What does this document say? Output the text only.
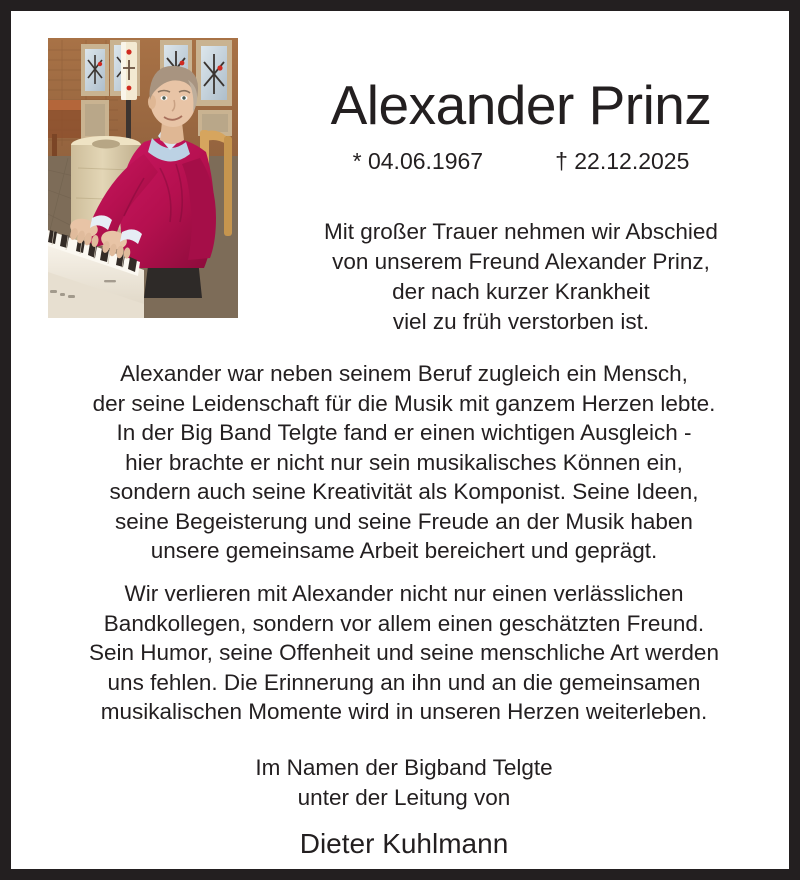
Alexander Prinz
* 04.06.1967	† 22.12.2025
Mit großer Trauer nehmen wir Abschied
von unserem Freund Alexander Prinz,
der nach kurzer Krankheit
viel zu früh verstorben ist.
Alexander war neben seinem Beruf zugleich ein Mensch,
der seine Leidenschaft für die Musik mit ganzem Herzen lebte.
In der Big Band Telgte fand er einen wichtigen Ausgleich -
hier brachte er nicht nur sein musikalisches Können ein,
sondern auch seine Kreativität als Komponist. Seine Ideen,
seine Begeisterung und seine Freude an der Musik haben
unsere gemeinsame Arbeit bereichert und geprägt.
Wir verlieren mit Alexander nicht nur einen verlässlichen
Bandkollegen, sondern vor allem einen geschätzten Freund.
Sein Humor, seine Offenheit und seine menschliche Art werden
uns fehlen. Die Erinnerung an ihn und an die gemeinsamen
musikalischen Momente wird in unseren Herzen weiterleben.
Im Namen der Bigband Telgte
unter der Leitung von
Dieter Kuhlmann
